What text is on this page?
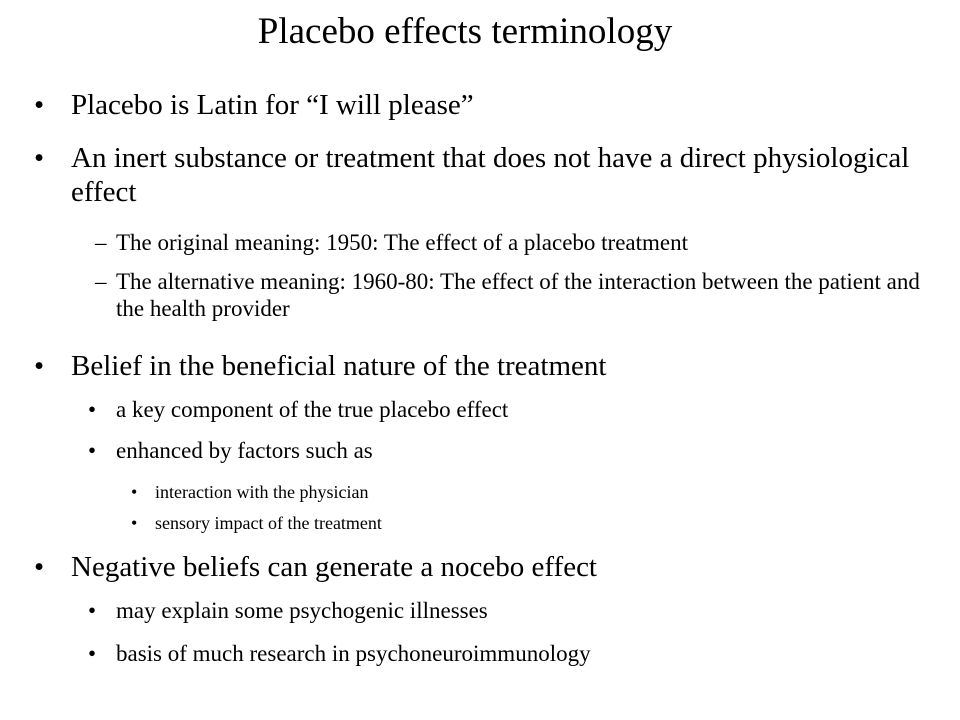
Placebo effects terminology
• Placebo is Latin for “I will please”
• An inert substance or treatment that does not have a direct physiological effect
– The original meaning: 1950: The effect of a placebo treatment
– The alternative meaning: 1960-80: The effect of the interaction between the patient and the health provider
• Belief in the beneficial nature of the treatment
• a key component of the true placebo effect
• enhanced by factors such as
• interaction with the physician
• sensory impact of the treatment
• Negative beliefs can generate a nocebo effect
• may explain some psychogenic illnesses
• basis of much research in psychoneuroimmunology
